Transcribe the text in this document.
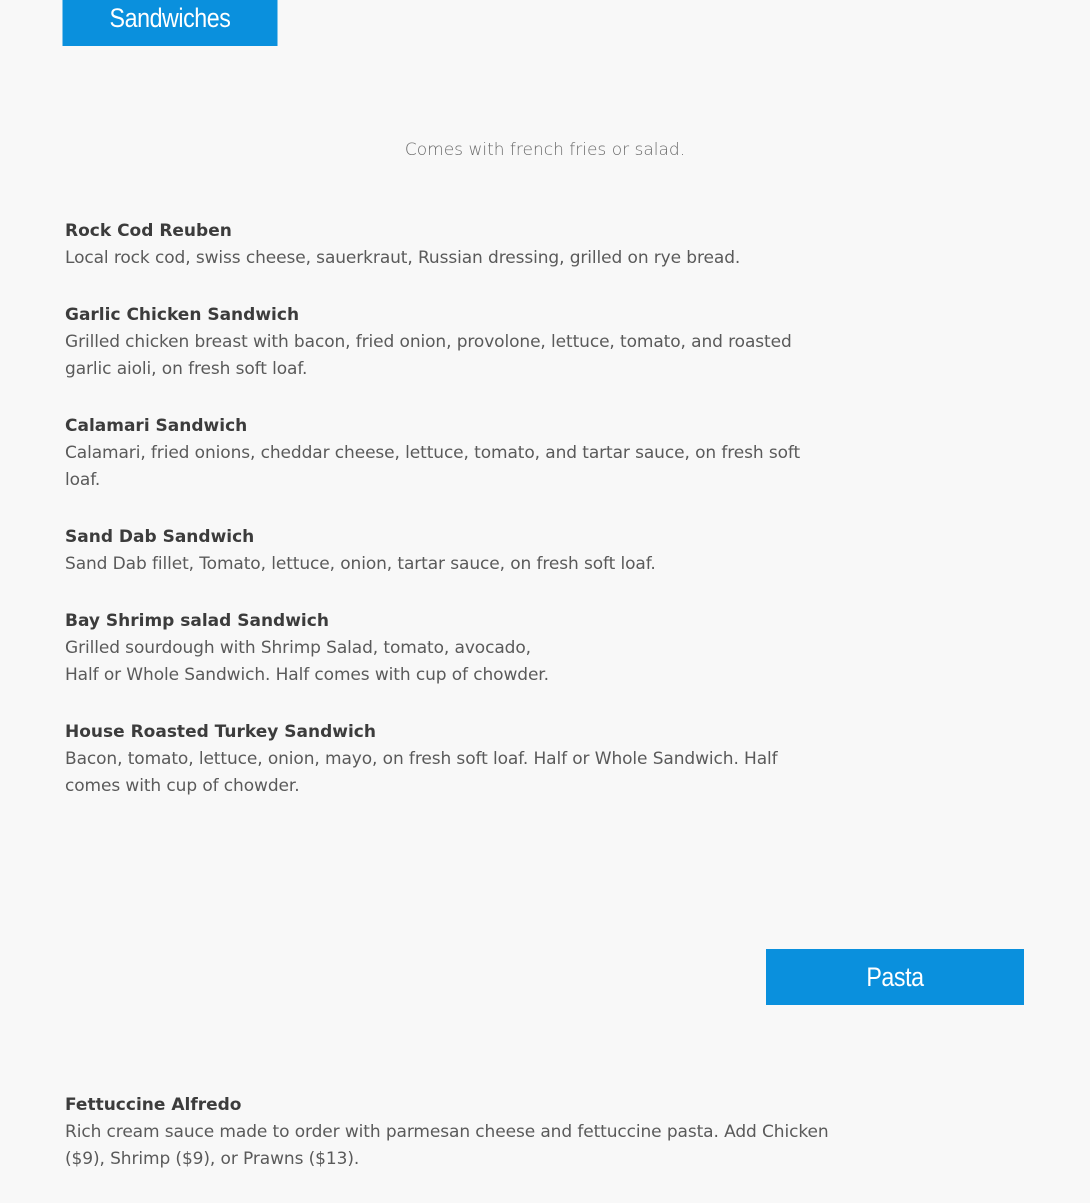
Sandwiches
Comes with french fries or salad.
Rock Cod Reuben
Local rock cod, swiss cheese, sauerkraut, Russian dressing, grilled on rye bread.
Garlic Chicken Sandwich
Grilled chicken breast with bacon, fried onion, provolone, lettuce, tomato, and roasted garlic aioli, on fresh soft loaf.
Calamari Sandwich
Calamari, fried onions, cheddar cheese, lettuce, tomato, and tartar sauce, on fresh soft loaf.
Sand Dab Sandwich
Sand Dab fillet, Tomato, lettuce, onion, tartar sauce, on fresh soft loaf.
Bay Shrimp salad Sandwich
Grilled sourdough with Shrimp Salad, tomato, avocado,
Half or Whole Sandwich. Half comes with cup of chowder.
House Roasted Turkey Sandwich
Bacon, tomato, lettuce, onion, mayo, on fresh soft loaf. Half or Whole Sandwich. Half comes with cup of chowder.
Pasta
Fettuccine Alfredo
Rich cream sauce made to order with parmesan cheese and fettuccine pasta. Add Chicken ($9), Shrimp ($9), or Prawns ($13).
